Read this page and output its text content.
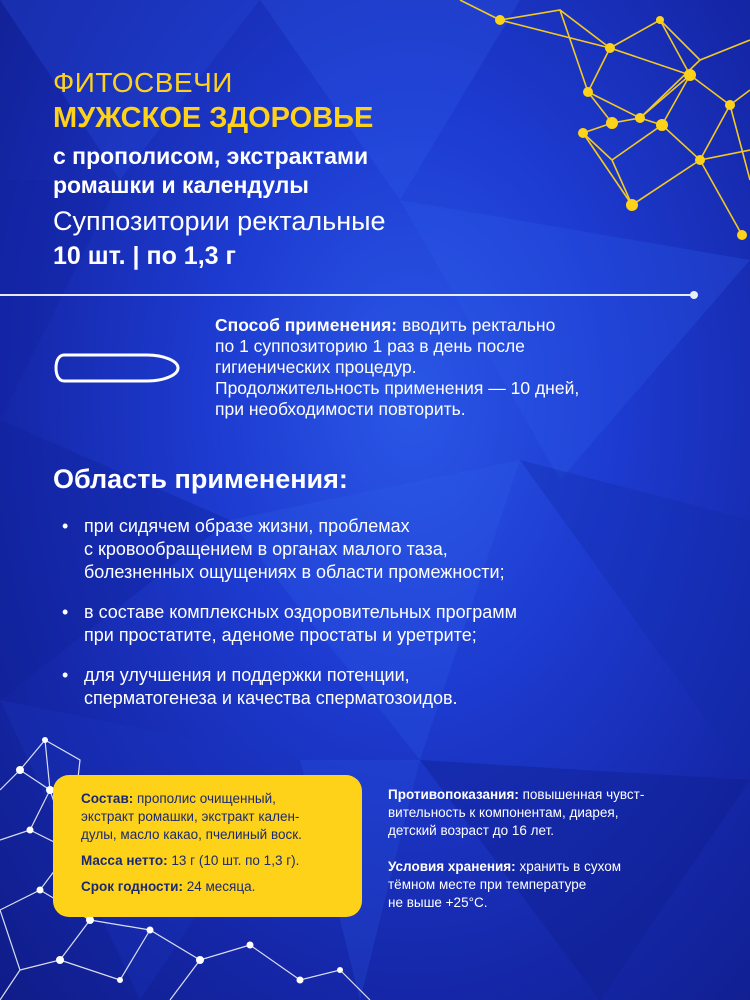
ФИТОСВЕЧИ
МУЖСКОЕ ЗДОРОВЬЕ
с прополисом, экстрактами
ромашки и календулы
Суппозитории ректальные
10 шт. | по 1,3 г
Способ применения: вводить ректально
по 1 суппозиторию 1 раз в день после
гигиенических процедур.
Продолжительность применения — 10 дней,
при необходимости повторить.
Область применения:
• при сидячем образе жизни, проблемах
с кровообращением в органах малого таза,
болезненных ощущениях в области промежности;
• в составе комплексных оздоровительных программ
при простатите, аденоме простаты и уретрите;
• для улучшения и поддержки потенции,
сперматогенеза и качества сперматозоидов.

Состав: прополис очищенный,
экстракт ромашки, экстракт кален-
дулы, масло какао, пчелиный воск.

Масса нетто: 13 г (10 шт. по 1,3 г).

Срок годности: 24 месяца.

Противопоказания: повышенная чувст-
вительность к компонентам, диарея,
детский возраст до 16 лет.

Условия хранения: хранить в сухом
тёмном месте при температуре
не выше +25°С.
